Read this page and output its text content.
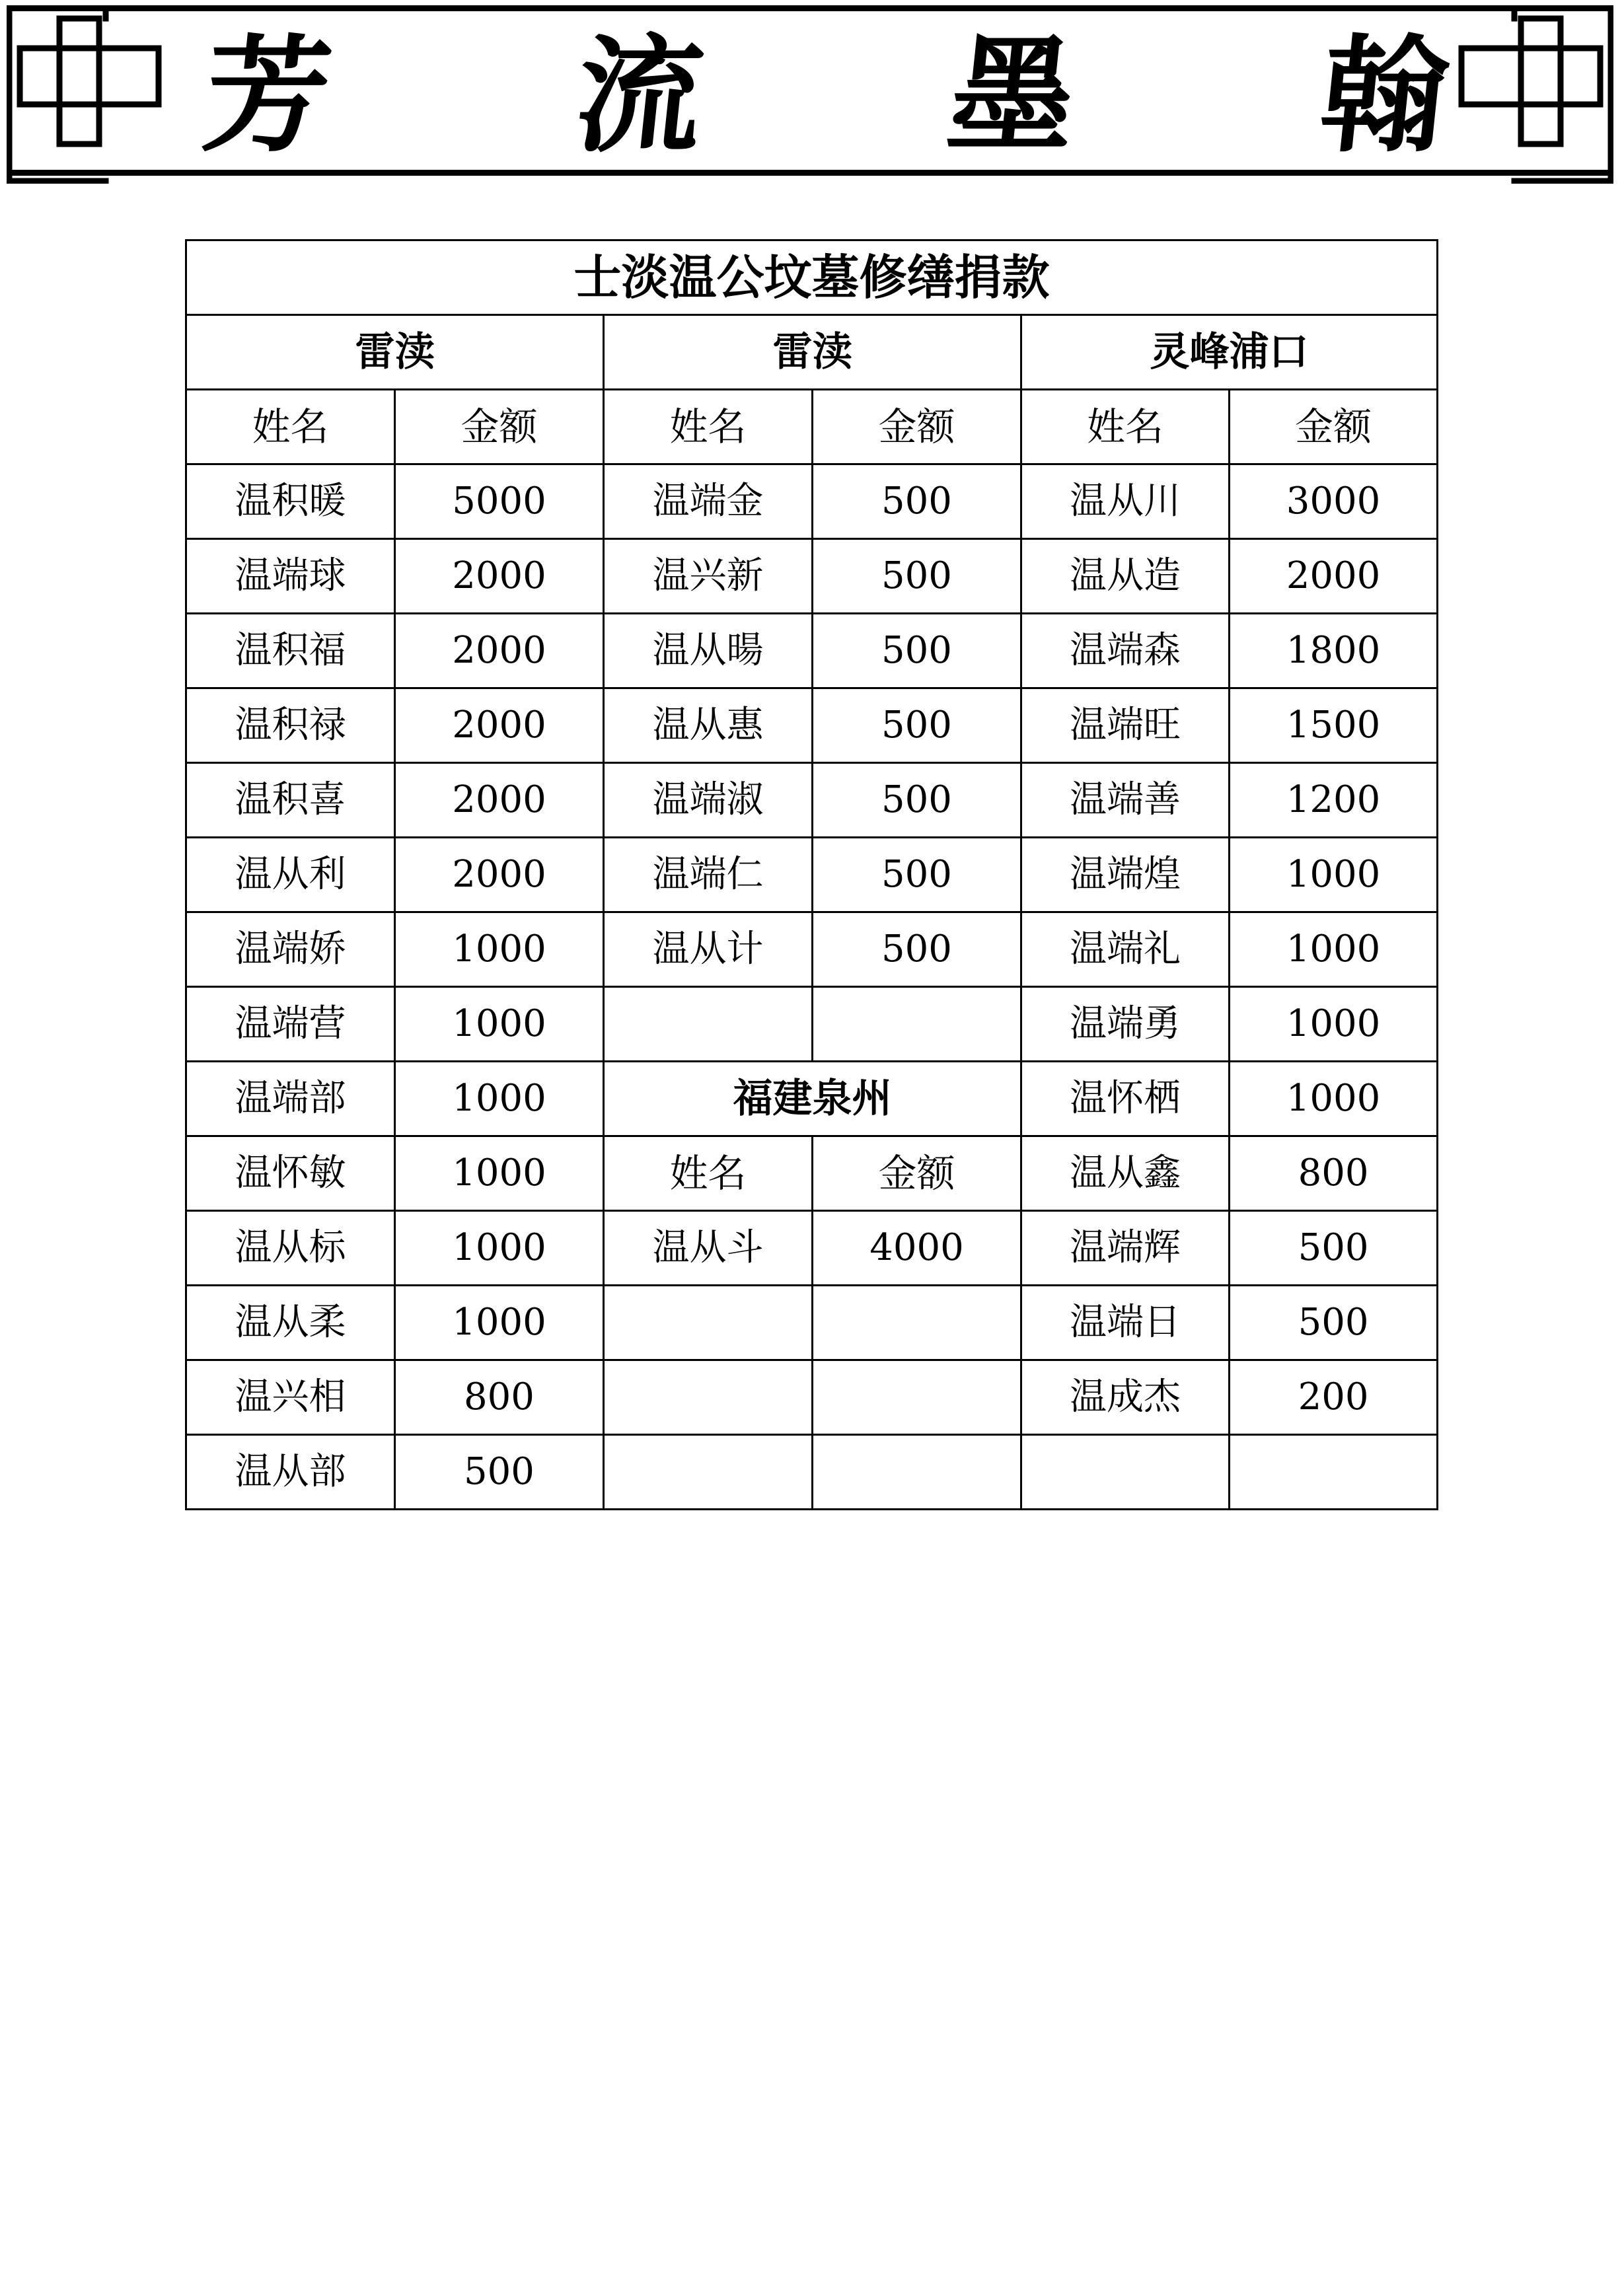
芳 流 墨 翰
士淡温公坟墓修缮捐款					
雷渎		雷渎		灵峰浦口	
姓名	金额	姓名	金额	姓名	金额
温积暖	5000	温端金	500	温从川	3000
温端球	2000	温兴新	500	温从造	2000
温积福	2000	温从暘	500	温端森	1800
温积禄	2000	温从惠	500	温端旺	1500
温积喜	2000	温端淑	500	温端善	1200
温从利	2000	温端仁	500	温端煌	1000
温端娇	1000	温从计	500	温端礼	1000
温端营	1000			温端勇	1000
温端部	1000	福建泉州		温怀栖	1000
温怀敏	1000	姓名	金额	温从鑫	800
温从标	1000	温从斗	4000	温端辉	500
温从柔	1000			温端日	500
温兴相	800			温成杰	200
温从部	500				
